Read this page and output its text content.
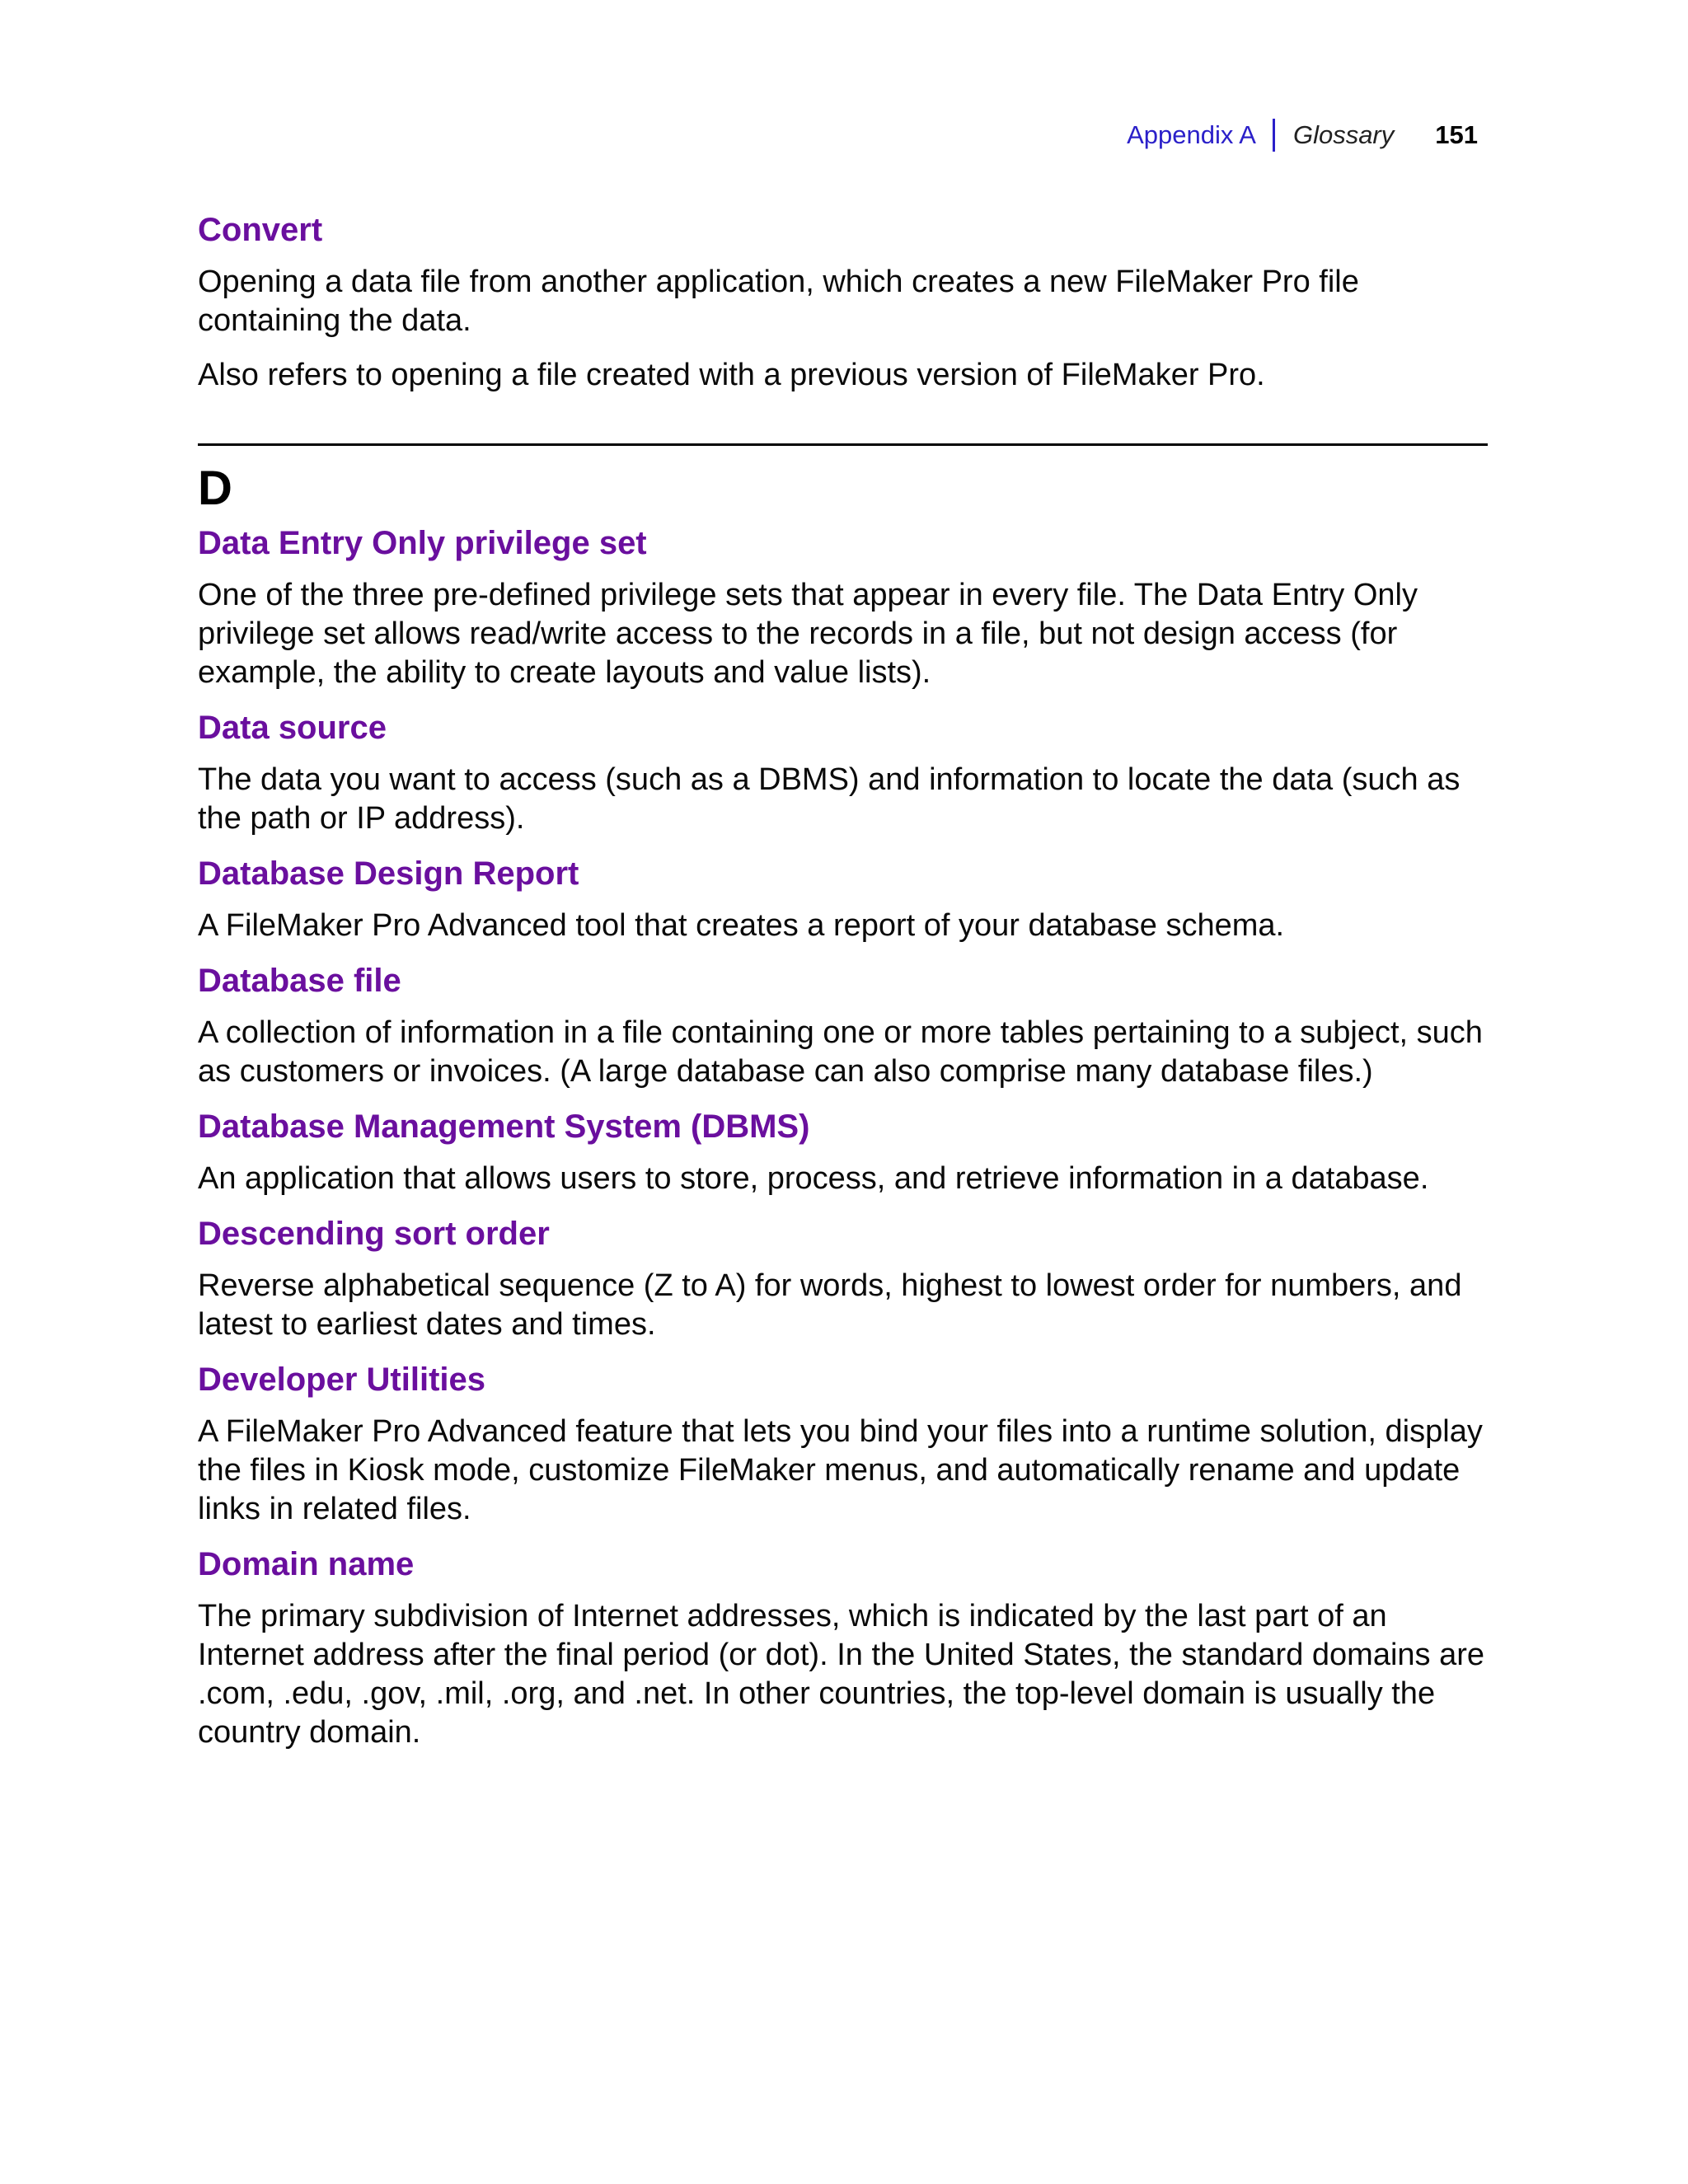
Appendix A Glossary 151
Convert
Opening a data file from another application, which creates a new FileMaker Pro file containing the data.
Also refers to opening a file created with a previous version of FileMaker Pro.
D
Data Entry Only privilege set
One of the three pre-defined privilege sets that appear in every file. The Data Entry Only privilege set allows read/write access to the records in a file, but not design access (for example, the ability to create layouts and value lists).
Data source
The data you want to access (such as a DBMS) and information to locate the data (such as the path or IP address).
Database Design Report
A FileMaker Pro Advanced tool that creates a report of your database schema.
Database file
A collection of information in a file containing one or more tables pertaining to a subject, such as customers or invoices. (A large database can also comprise many database files.)
Database Management System (DBMS)
An application that allows users to store, process, and retrieve information in a database.
Descending sort order
Reverse alphabetical sequence (Z to A) for words, highest to lowest order for numbers, and latest to earliest dates and times.
Developer Utilities
A FileMaker Pro Advanced feature that lets you bind your files into a runtime solution, display the files in Kiosk mode, customize FileMaker menus, and automatically rename and update links in related files.
Domain name
The primary subdivision of Internet addresses, which is indicated by the last part of an Internet address after the final period (or dot). In the United States, the standard domains are .com, .edu, .gov, .mil, .org, and .net. In other countries, the top-level domain is usually the country domain.
